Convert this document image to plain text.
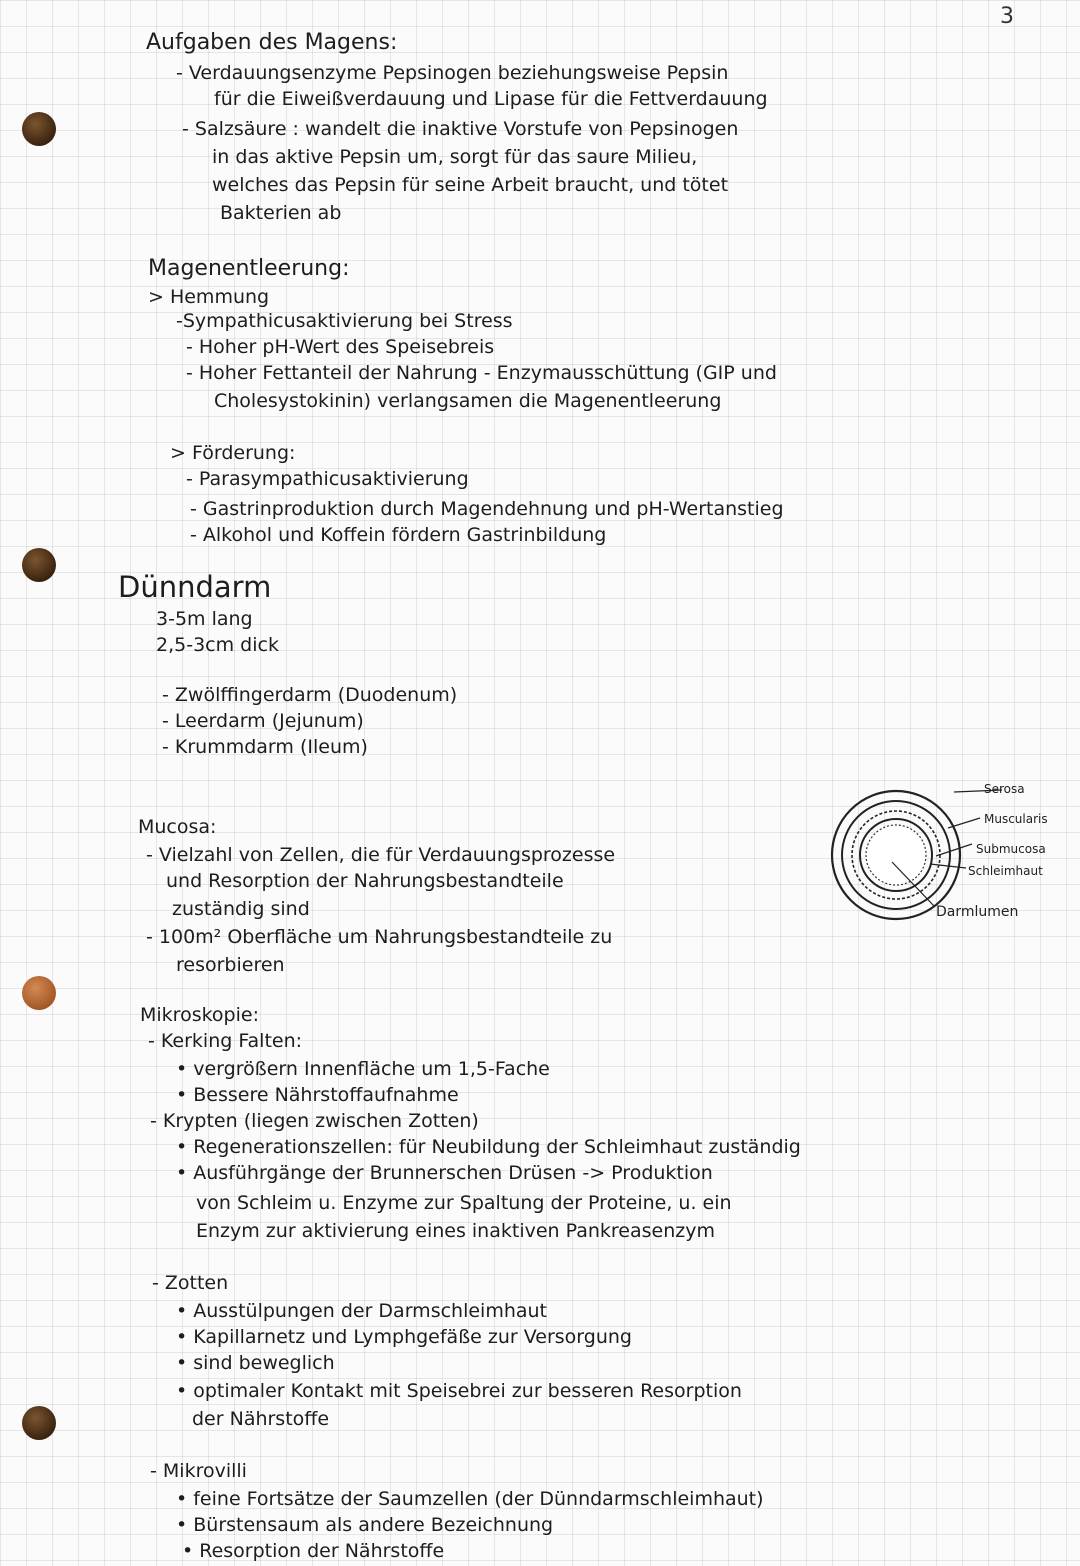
3
Aufgaben des Magens:
- Verdauungsenzyme Pepsinogen beziehungsweise Pepsin
für die Eiweißverdauung und Lipase für die Fettverdauung
- Salzsäure : wandelt die inaktive Vorstufe von Pepsinogen
in das aktive Pepsin um, sorgt für das saure Milieu,
welches das Pepsin für seine Arbeit braucht, und tötet
Bakterien ab
Magenentleerung:
> Hemmung
-Sympathicusaktivierung bei Stress
- Hoher pH-Wert des Speisebreis
- Hoher Fettanteil der Nahrung - Enzymausschüttung (GIP und
Cholesystokinin) verlangsamen die Magenentleerung
> Förderung:
- Parasympathicusaktivierung
- Gastrinproduktion durch Magendehnung und pH-Wertanstieg
- Alkohol und Koffein fördern Gastrinbildung
Dünndarm
3-5m lang
2,5-3cm dick
- Zwölffingerdarm (Duodenum)
- Leerdarm (Jejunum)
- Krummdarm (Ileum)
Mucosa:
- Vielzahl von Zellen, die für Verdauungsprozesse
und Resorption der Nahrungsbestandteile
zuständig sind
- 100m² Oberfläche um Nahrungsbestandteile zu
resorbieren
Serosa
Muscularis
Submucosa
Schleimhaut
Darmlumen
Mikroskopie:
- Kerking Falten:
• vergrößern Innenfläche um 1,5-Fache
• Bessere Nährstoffaufnahme
- Krypten (liegen zwischen Zotten)
• Regenerationszellen: für Neubildung der Schleimhaut zuständig
• Ausführgänge der Brunnerschen Drüsen -> Produktion
von Schleim u. Enzyme zur Spaltung der Proteine, u. ein
Enzym zur aktivierung eines inaktiven Pankreasenzym
- Zotten
• Ausstülpungen der Darmschleimhaut
• Kapillarnetz und Lymphgefäße zur Versorgung
• sind beweglich
• optimaler Kontakt mit Speisebrei zur besseren Resorption
der Nährstoffe
- Mikrovilli
• feine Fortsätze der Saumzellen (der Dünndarmschleimhaut)
• Bürstensaum als andere Bezeichnung
• Resorption der Nährstoffe
